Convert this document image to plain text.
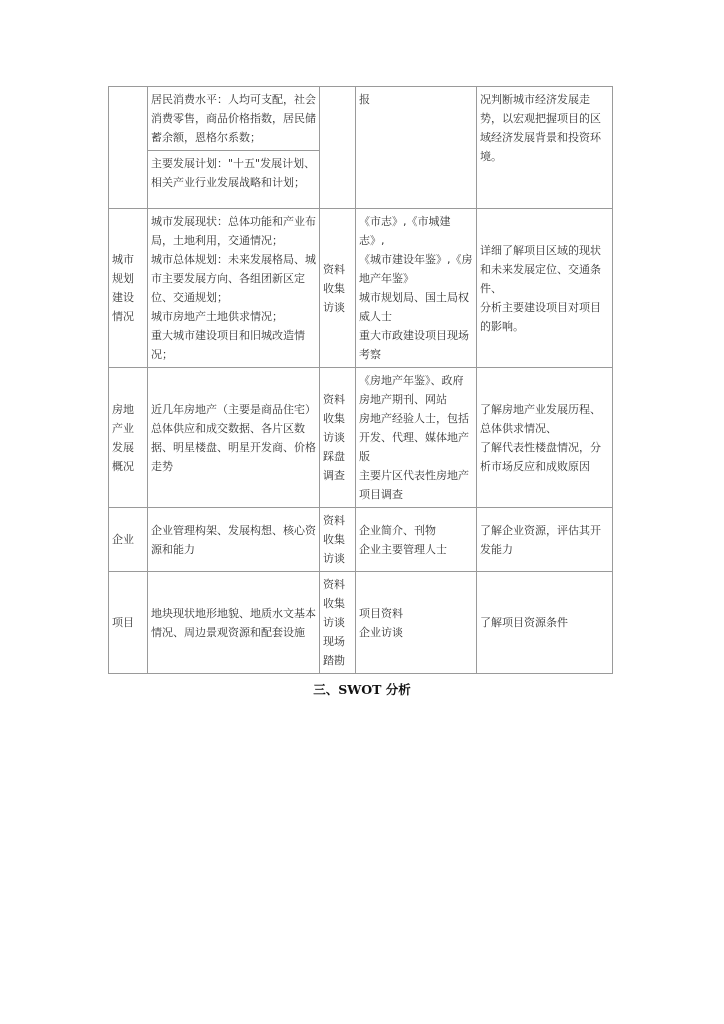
	居民消费水平：人均可支配，社会消费零售，商品价格指数，居民储蓄余额，恩格尔系数；		报	况判断城市经济发展走势，以宏观把握项目的区域经济发展背景和投资环境。

	主要发展计划："十五"发展计划、相关产业行业发展战略和计划；			

城市规划建设情况	城市发展现状：总体功能和产业布局，土地利用，交通情况；
城市总体规划：未来发展格局、城市主要发展方向、各组团新区定位、交通规划；
城市房地产土地供求情况；
重大城市建设项目和旧城改造情况；	资料收集访谈	《市志》,《市城建志》,
《城市建设年鉴》,《房地产年鉴》
城市规划局、国土局权威人士
重大市政建设项目现场考察	详细了解项目区域的现状和未来发展定位、交通条件、
分析主要建设项目对项目的影响。

房地产业发展概况	近几年房地产（主要是商品住宅）总体供应和成交数据、各片区数据、明星楼盘、明星开发商、价格走势	资料收集访谈踩盘调查	《房地产年鉴》、政府房地产期刊、网站
房地产经验人士，包括开发、代理、媒体地产版
主要片区代表性房地产项目调查	了解房地产业发展历程、总体供求情况、
了解代表性楼盘情况，分析市场反应和成败原因

企业	企业管理构架、发展构想、核心资源和能力	资料收集访谈	企业简介、刊物
企业主要管理人士	了解企业资源，评估其开发能力

项目	地块现状地形地貌、地质水文基本情况、周边景观资源和配套设施	资料收集访谈现场踏勘	项目资料
企业访谈	了解项目资源条件
三、SWOT 分析
